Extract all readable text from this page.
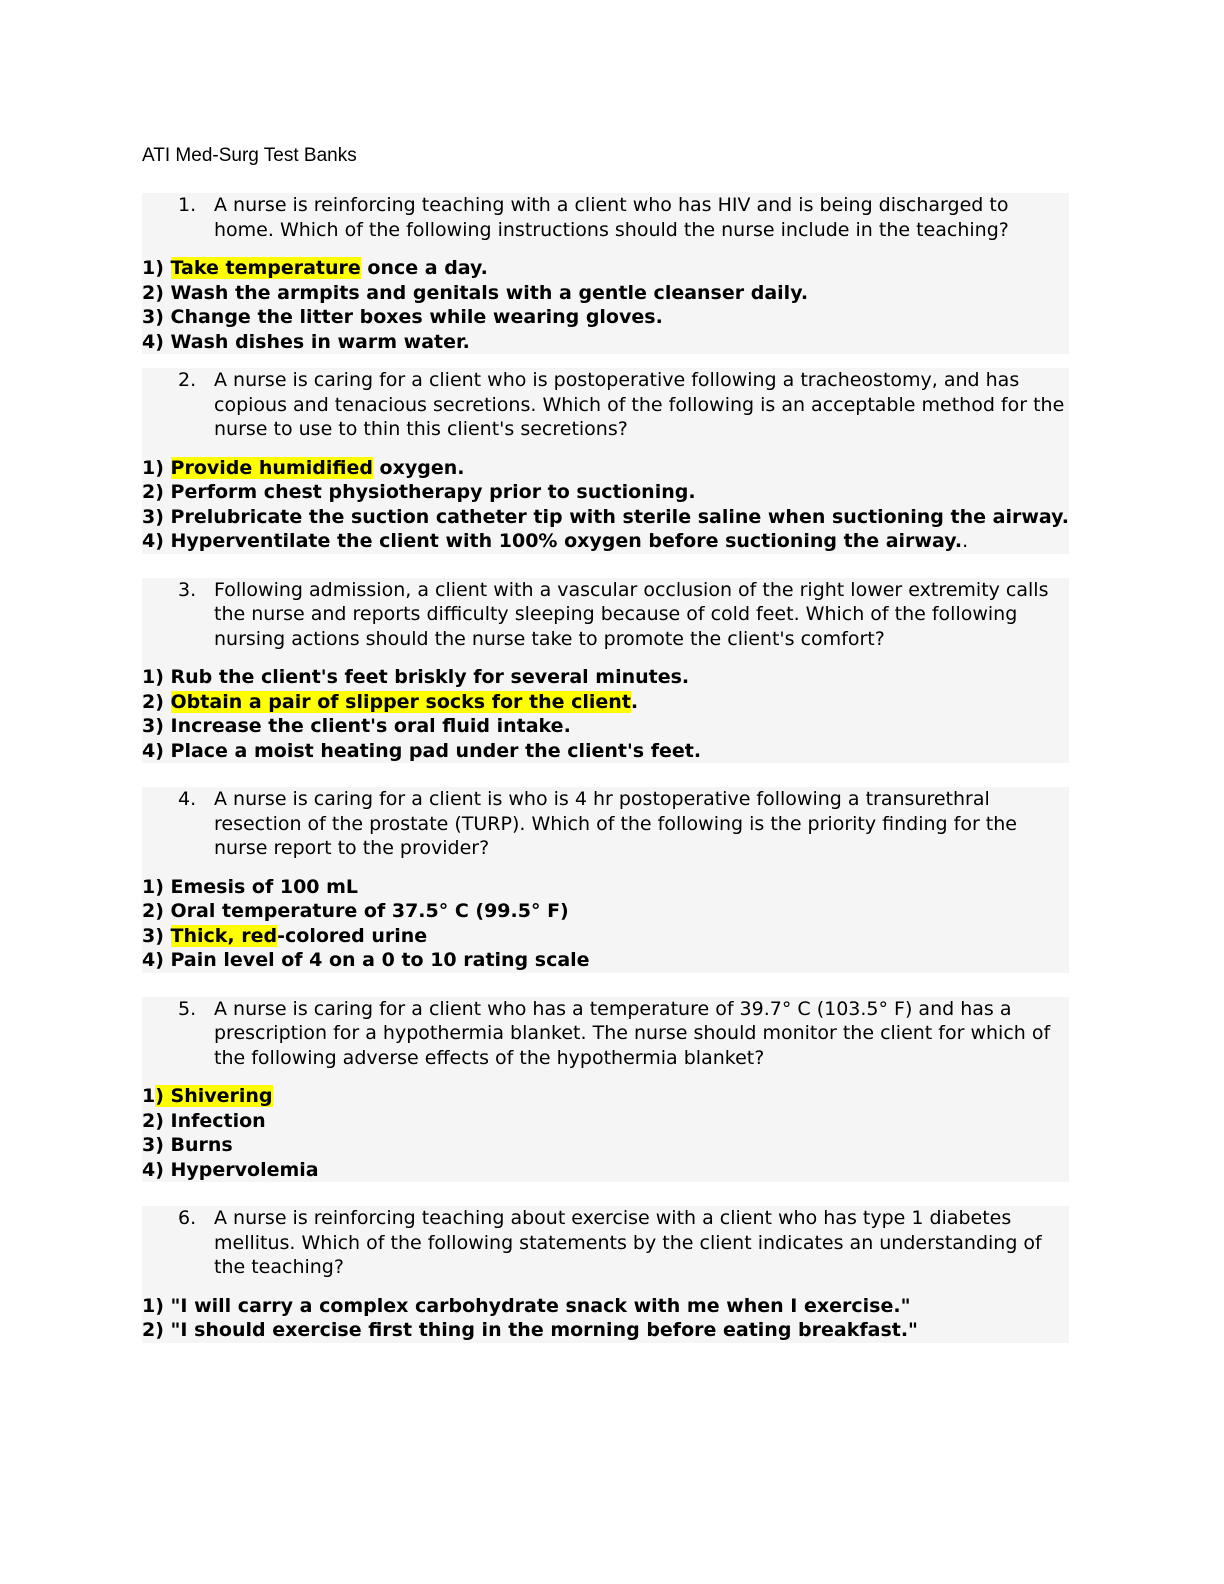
ATI Med-Surg Test Banks
1. A nurse is reinforcing teaching with a client who has HIV and is being discharged to home. Which of the following instructions should the nurse include in the teaching?
1) Take temperature once a day.
2) Wash the armpits and genitals with a gentle cleanser daily.
3) Change the litter boxes while wearing gloves.
4) Wash dishes in warm water.
2. A nurse is caring for a client who is postoperative following a tracheostomy, and has copious and tenacious secretions. Which of the following is an acceptable method for the nurse to use to thin this client's secretions?
1) Provide humidified oxygen.
2) Perform chest physiotherapy prior to suctioning.
3) Prelubricate the suction catheter tip with sterile saline when suctioning the airway.
4) Hyperventilate the client with 100% oxygen before suctioning the airway..
3. Following admission, a client with a vascular occlusion of the right lower extremity calls the nurse and reports difficulty sleeping because of cold feet. Which of the following nursing actions should the nurse take to promote the client's comfort?
1) Rub the client's feet briskly for several minutes.
2) Obtain a pair of slipper socks for the client.
3) Increase the client's oral fluid intake.
4) Place a moist heating pad under the client's feet.
4. A nurse is caring for a client is who is 4 hr postoperative following a transurethral resection of the prostate (TURP). Which of the following is the priority finding for the nurse report to the provider?
1) Emesis of 100 mL
2) Oral temperature of 37.5° C (99.5° F)
3) Thick, red-colored urine
4) Pain level of 4 on a 0 to 10 rating scale
5. A nurse is caring for a client who has a temperature of 39.7° C (103.5° F) and has a prescription for a hypothermia blanket. The nurse should monitor the client for which of the following adverse effects of the hypothermia blanket?
1) Shivering
2) Infection
3) Burns
4) Hypervolemia
6. A nurse is reinforcing teaching about exercise with a client who has type 1 diabetes mellitus. Which of the following statements by the client indicates an understanding of the teaching?
1) "I will carry a complex carbohydrate snack with me when I exercise."
2) "I should exercise first thing in the morning before eating breakfast."
